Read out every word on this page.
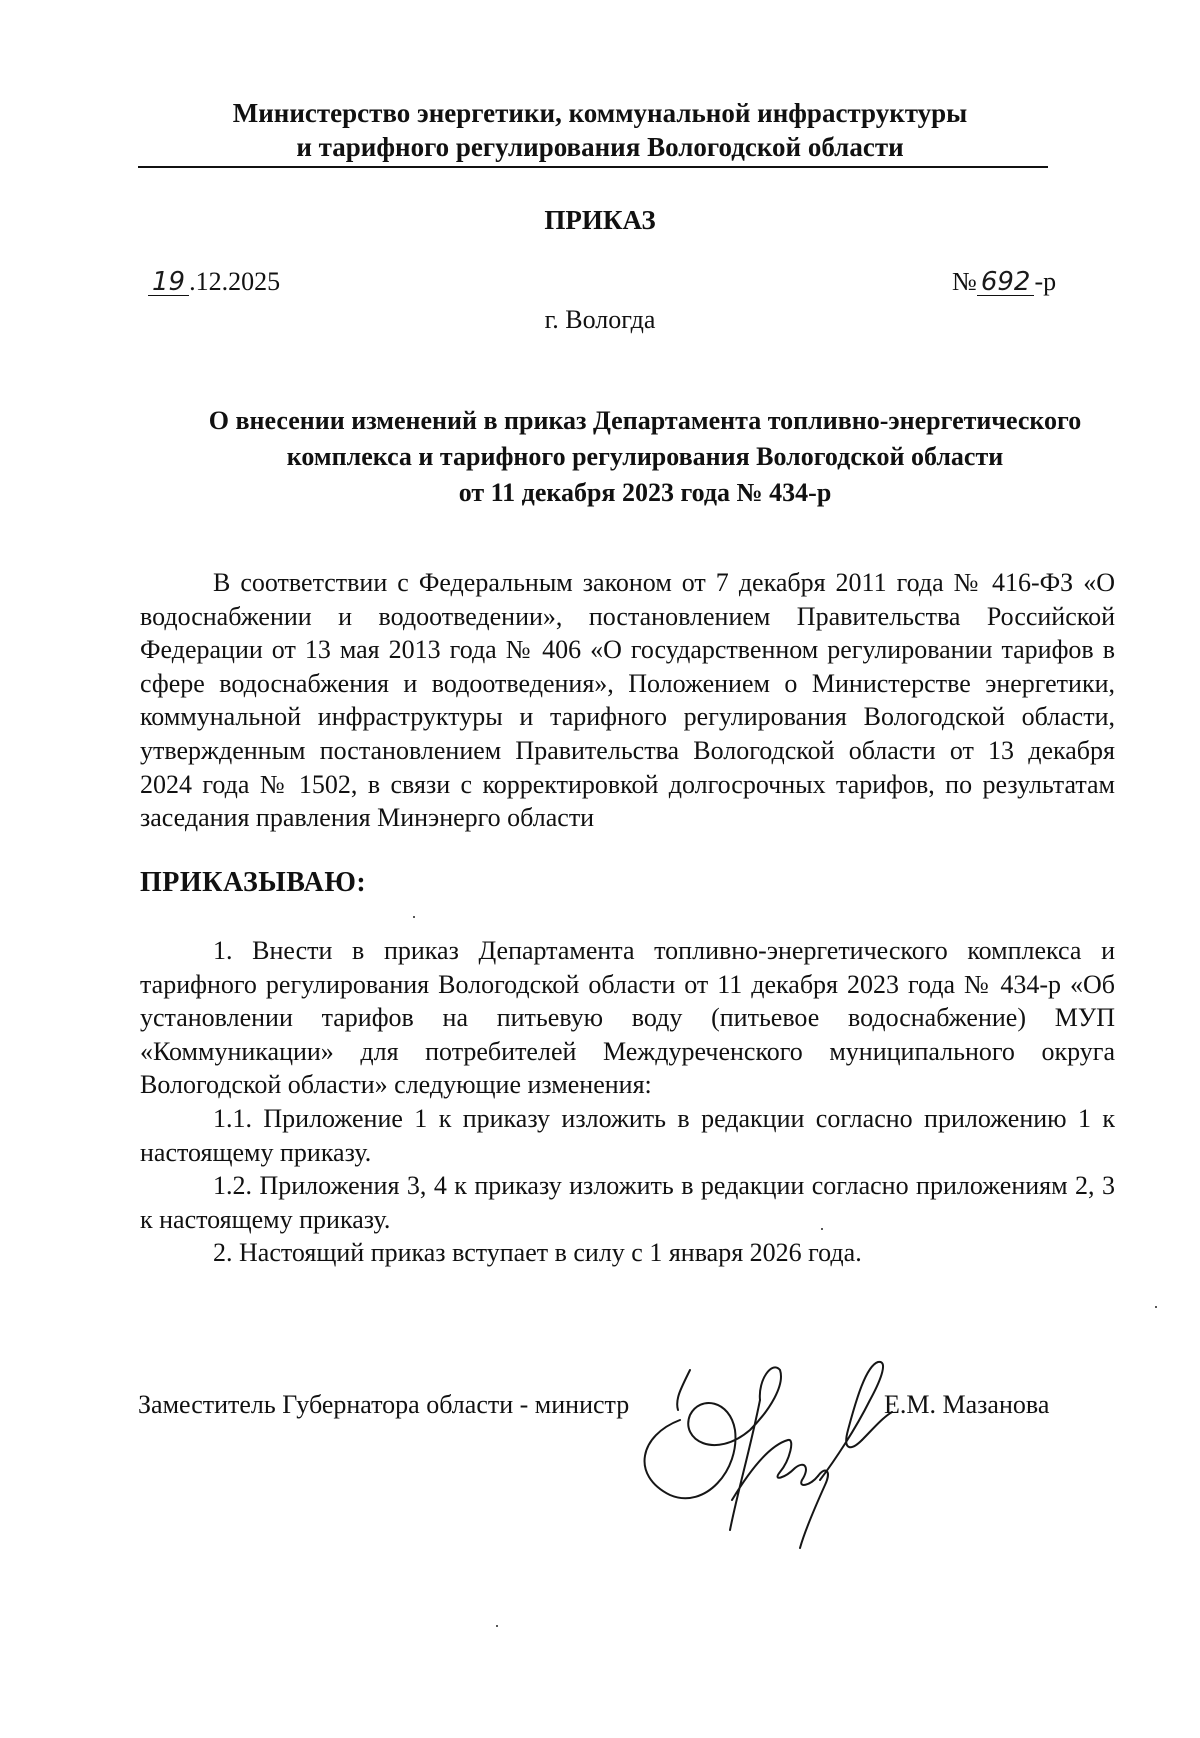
Министерство энергетики, коммунальной инфраструктуры
и тарифного регулирования Вологодской области
ПРИКАЗ
19 .12.2025	№ 692 -р
г. Вологда
О внесении изменений в приказ Департамента топливно-энергетического
комплекса и тарифного регулирования Вологодской области
от 11 декабря 2023 года № 434-р

В соответствии с Федеральным законом от 7 декабря 2011 года № 416-ФЗ «О водоснабжении и водоотведении», постановлением Правительства Российской Федерации от 13 мая 2013 года № 406 «О государственном регулировании тарифов в сфере водоснабжения и водоотведения», Положением о Министерстве энергетики, коммунальной инфраструктуры и тарифного регулирования Вологодской области, утвержденным постановлением Правительства Вологодской области от 13 декабря 2024 года № 1502, в связи с корректировкой долгосрочных тарифов, по результатам заседания правления Минэнерго области

ПРИКАЗЫВАЮ:

1. Внести в приказ Департамента топливно-энергетического комплекса и тарифного регулирования Вологодской области от 11 декабря 2023 года № 434-р «Об установлении тарифов на питьевую воду (питьевое водоснабжение) МУП «Коммуникации» для потребителей Междуреченского муниципального округа Вологодской области» следующие изменения:

1.1. Приложение 1 к приказу изложить в редакции согласно приложению 1 к настоящему приказу.

1.2. Приложения 3, 4 к приказу изложить в редакции согласно приложениям 2, 3 к настоящему приказу.

2. Настоящий приказ вступает в силу с 1 января 2026 года.

Заместитель Губернатора области - министр	Е.М. Мазанова
